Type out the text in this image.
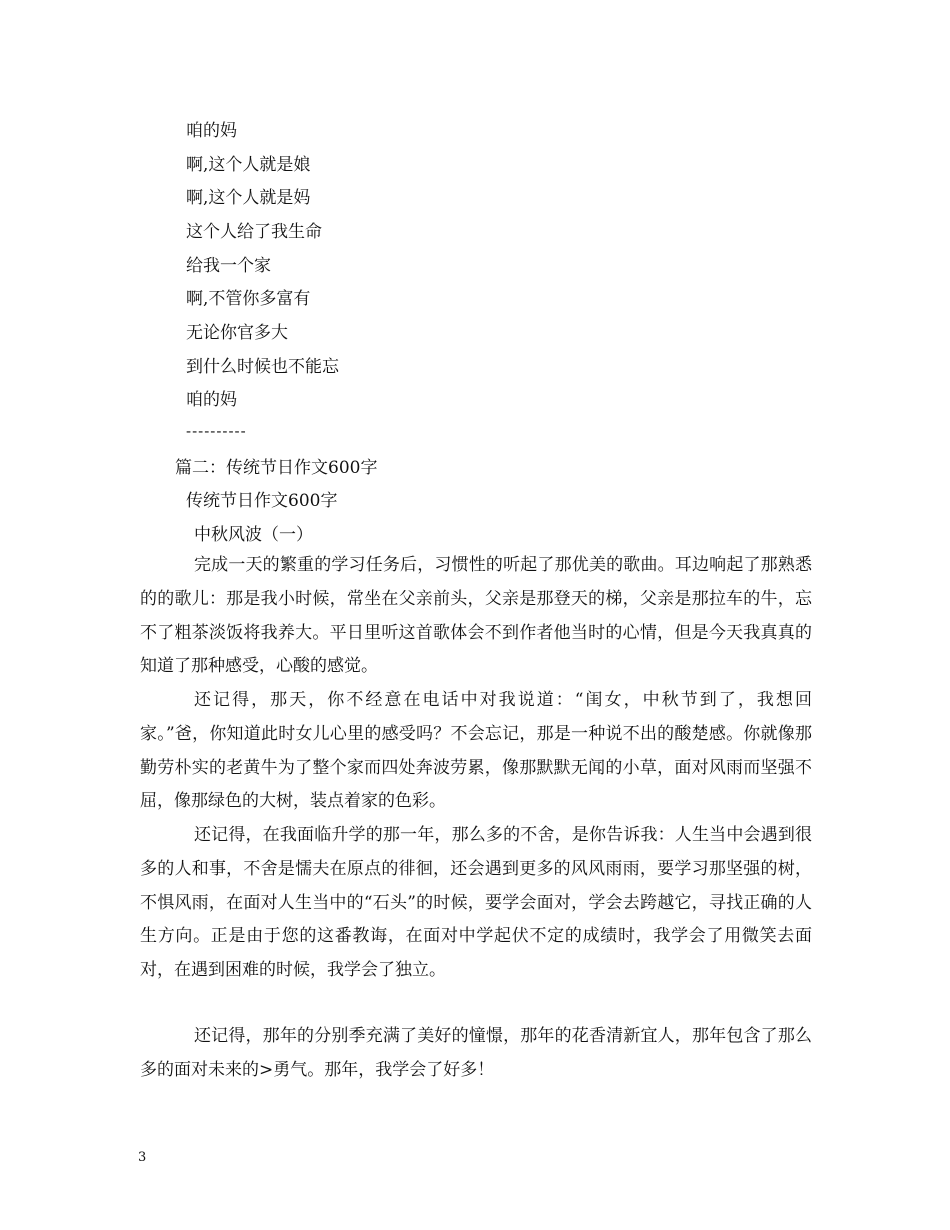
咱的妈
啊,这个人就是娘
啊,这个人就是妈
这个人给了我生命
给我一个家
啊,不管你多富有
无论你官多大
到什么时候也不能忘
咱的妈
----------
篇二：传统节日作文600字
传统节日作文600字
中秋风波（一）
完成一天的繁重的学习任务后，习惯性的听起了那优美的歌曲。耳边响起了那熟悉的的歌儿：那是我小时候，常坐在父亲前头，父亲是那登天的梯，父亲是那拉车的牛，忘不了粗茶淡饭将我养大。平日里听这首歌体会不到作者他当时的心情，但是今天我真真的知道了那种感受，心酸的感觉。
还记得，那天，你不经意在电话中对我说道：“闺女，中秋节到了，我想回家。”爸，你知道此时女儿心里的感受吗？不会忘记，那是一种说不出的酸楚感。你就像那勤劳朴实的老黄牛为了整个家而四处奔波劳累，像那默默无闻的小草，面对风雨而坚强不屈，像那绿色的大树，装点着家的色彩。
还记得，在我面临升学的那一年，那么多的不舍，是你告诉我：人生当中会遇到很多的人和事，不舍是懦夫在原点的徘徊，还会遇到更多的风风雨雨，要学习那坚强的树，不惧风雨，在面对人生当中的“石头”的时候，要学会面对，学会去跨越它，寻找正确的人生方向。正是由于您的这番教诲，在面对中学起伏不定的成绩时，我学会了用微笑去面对，在遇到困难的时候，我学会了独立。
还记得，那年的分别季充满了美好的憧憬，那年的花香清新宜人，那年包含了那么多的面对未来的>勇气。那年，我学会了好多！
3
